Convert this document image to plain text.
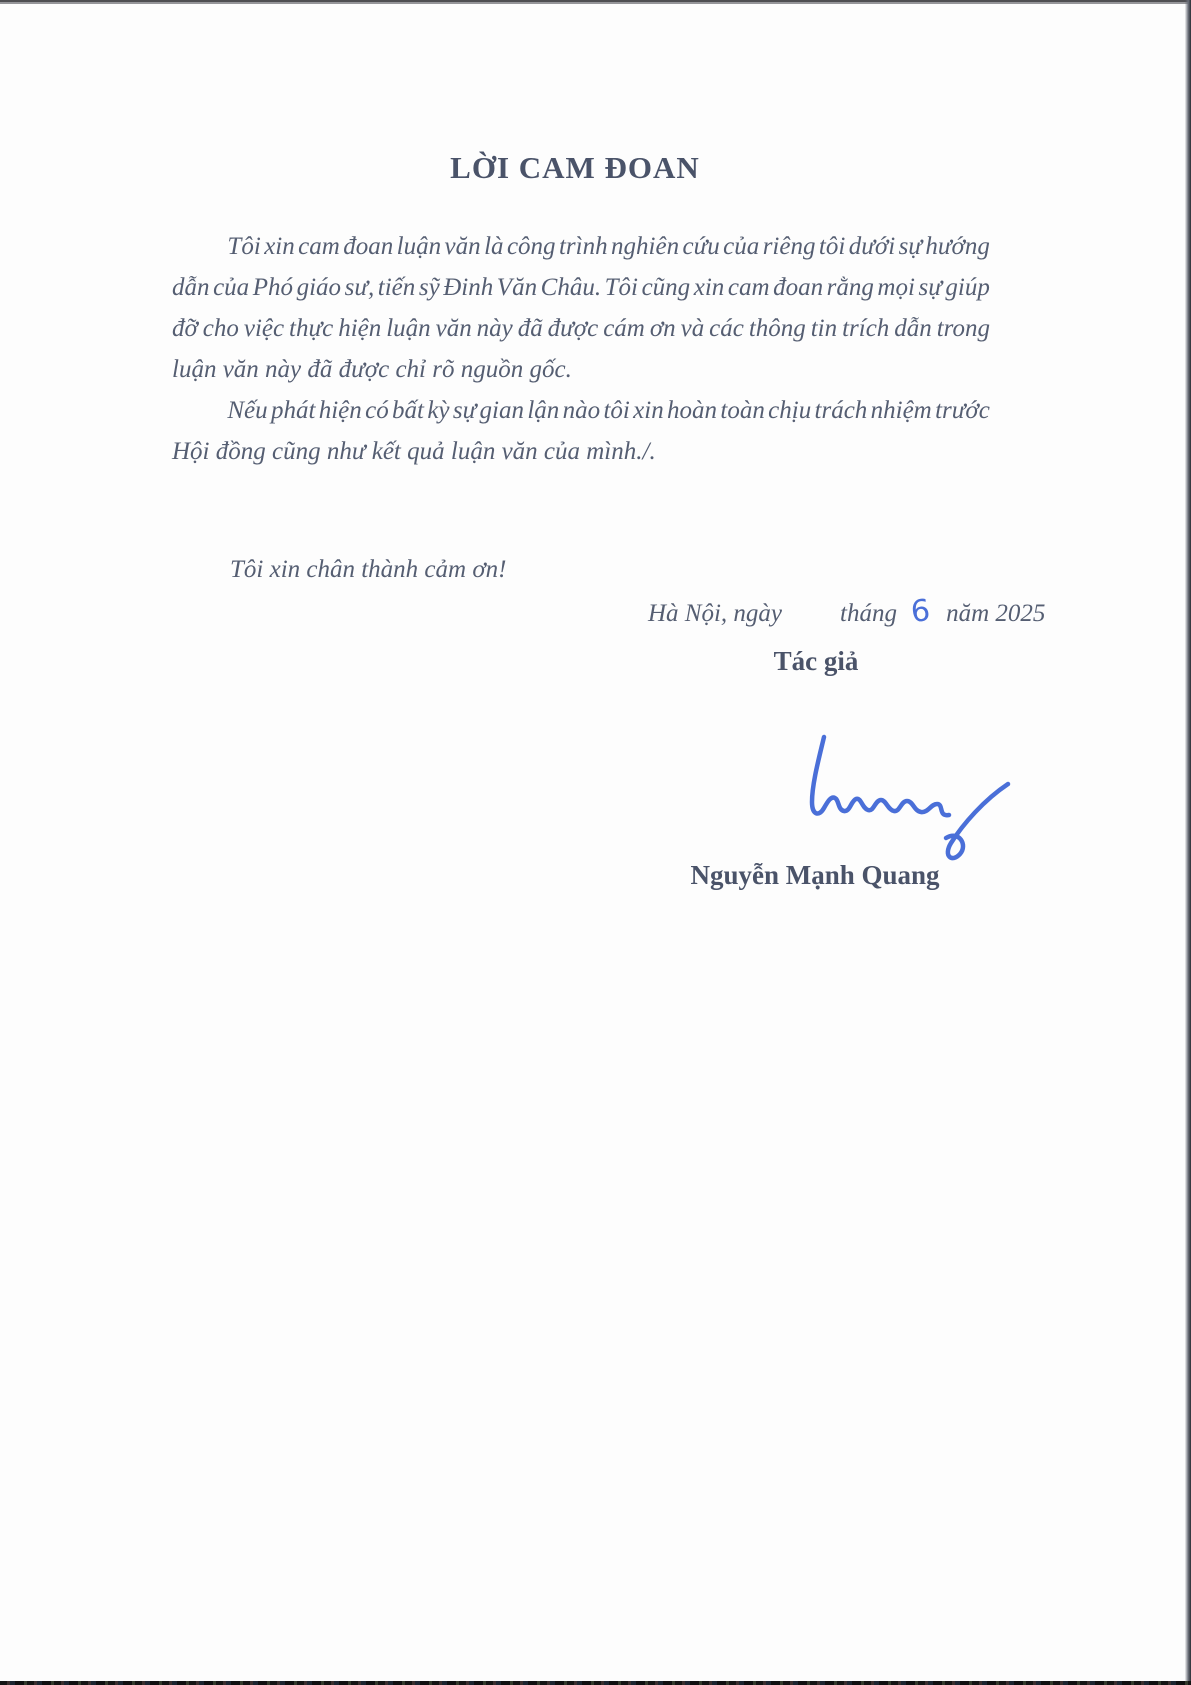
LỜI CAM ĐOAN
Tôi xin cam đoan luận văn là công trình nghiên cứu của riêng tôi dưới sự hướng
dẫn của Phó giáo sư, tiến sỹ Đinh Văn Châu. Tôi cũng xin cam đoan rằng mọi sự giúp
đỡ cho việc thực hiện luận văn này đã được cám ơn và các thông tin trích dẫn trong
luận văn này đã được chỉ rõ nguồn gốc.
Nếu phát hiện có bất kỳ sự gian lận nào tôi xin hoàn toàn chịu trách nhiệm trước
Hội đồng cũng như kết quả luận văn của mình./.
Tôi xin chân thành cảm ơn!
Hà Nội, ngày tháng 6 năm 2025
Tác giả
Nguyễn Mạnh Quang
